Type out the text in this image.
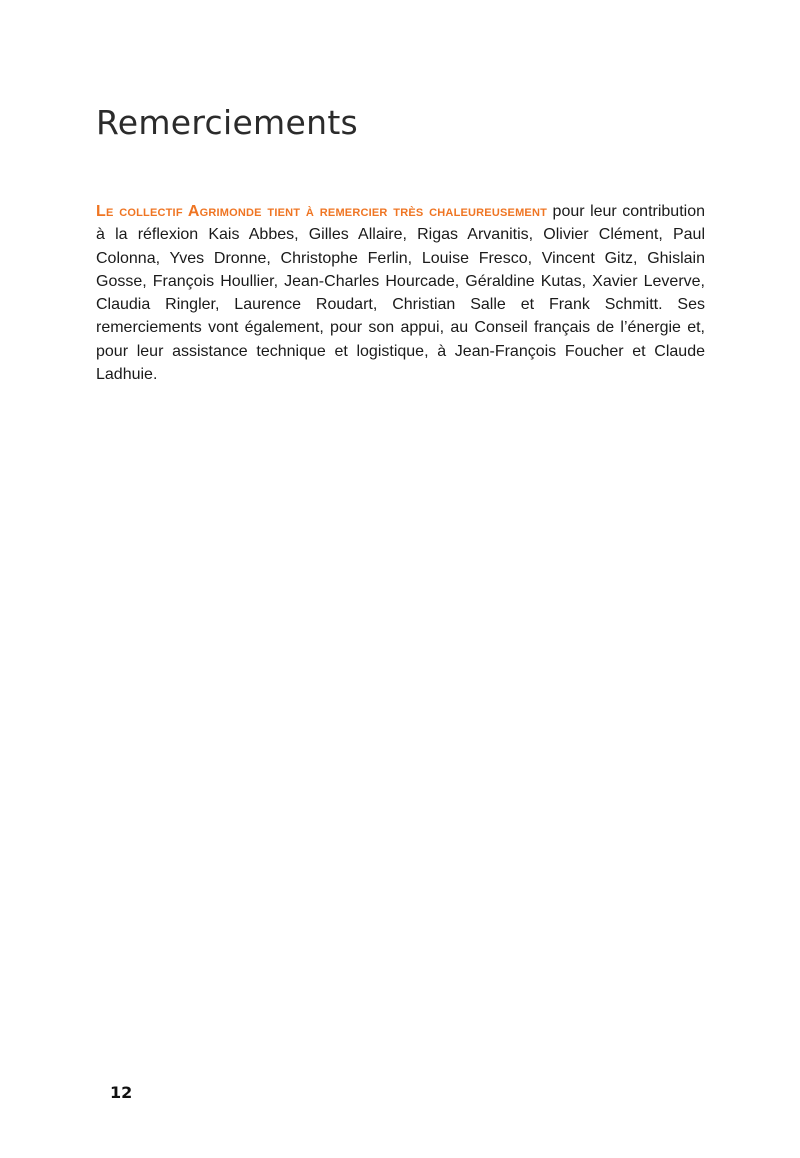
Remerciements

Le collectif Agrimonde tient à remercier très chaleureusement pour leur contribution à la réflexion Kais Abbes, Gilles Allaire, Rigas Arvanitis, Olivier Clément, Paul Colonna, Yves Dronne, Christophe Ferlin, Louise Fresco, Vincent Gitz, Ghislain Gosse, François Houllier, Jean-Charles Hourcade, Géraldine Kutas, Xavier Leverve, Claudia Ringler, Laurence Roudart, Christian Salle et Frank Schmitt. Ses remerciements vont également, pour son appui, au Conseil français de l’énergie et, pour leur assistance technique et logistique, à Jean-François Foucher et Claude Ladhuie.

12
